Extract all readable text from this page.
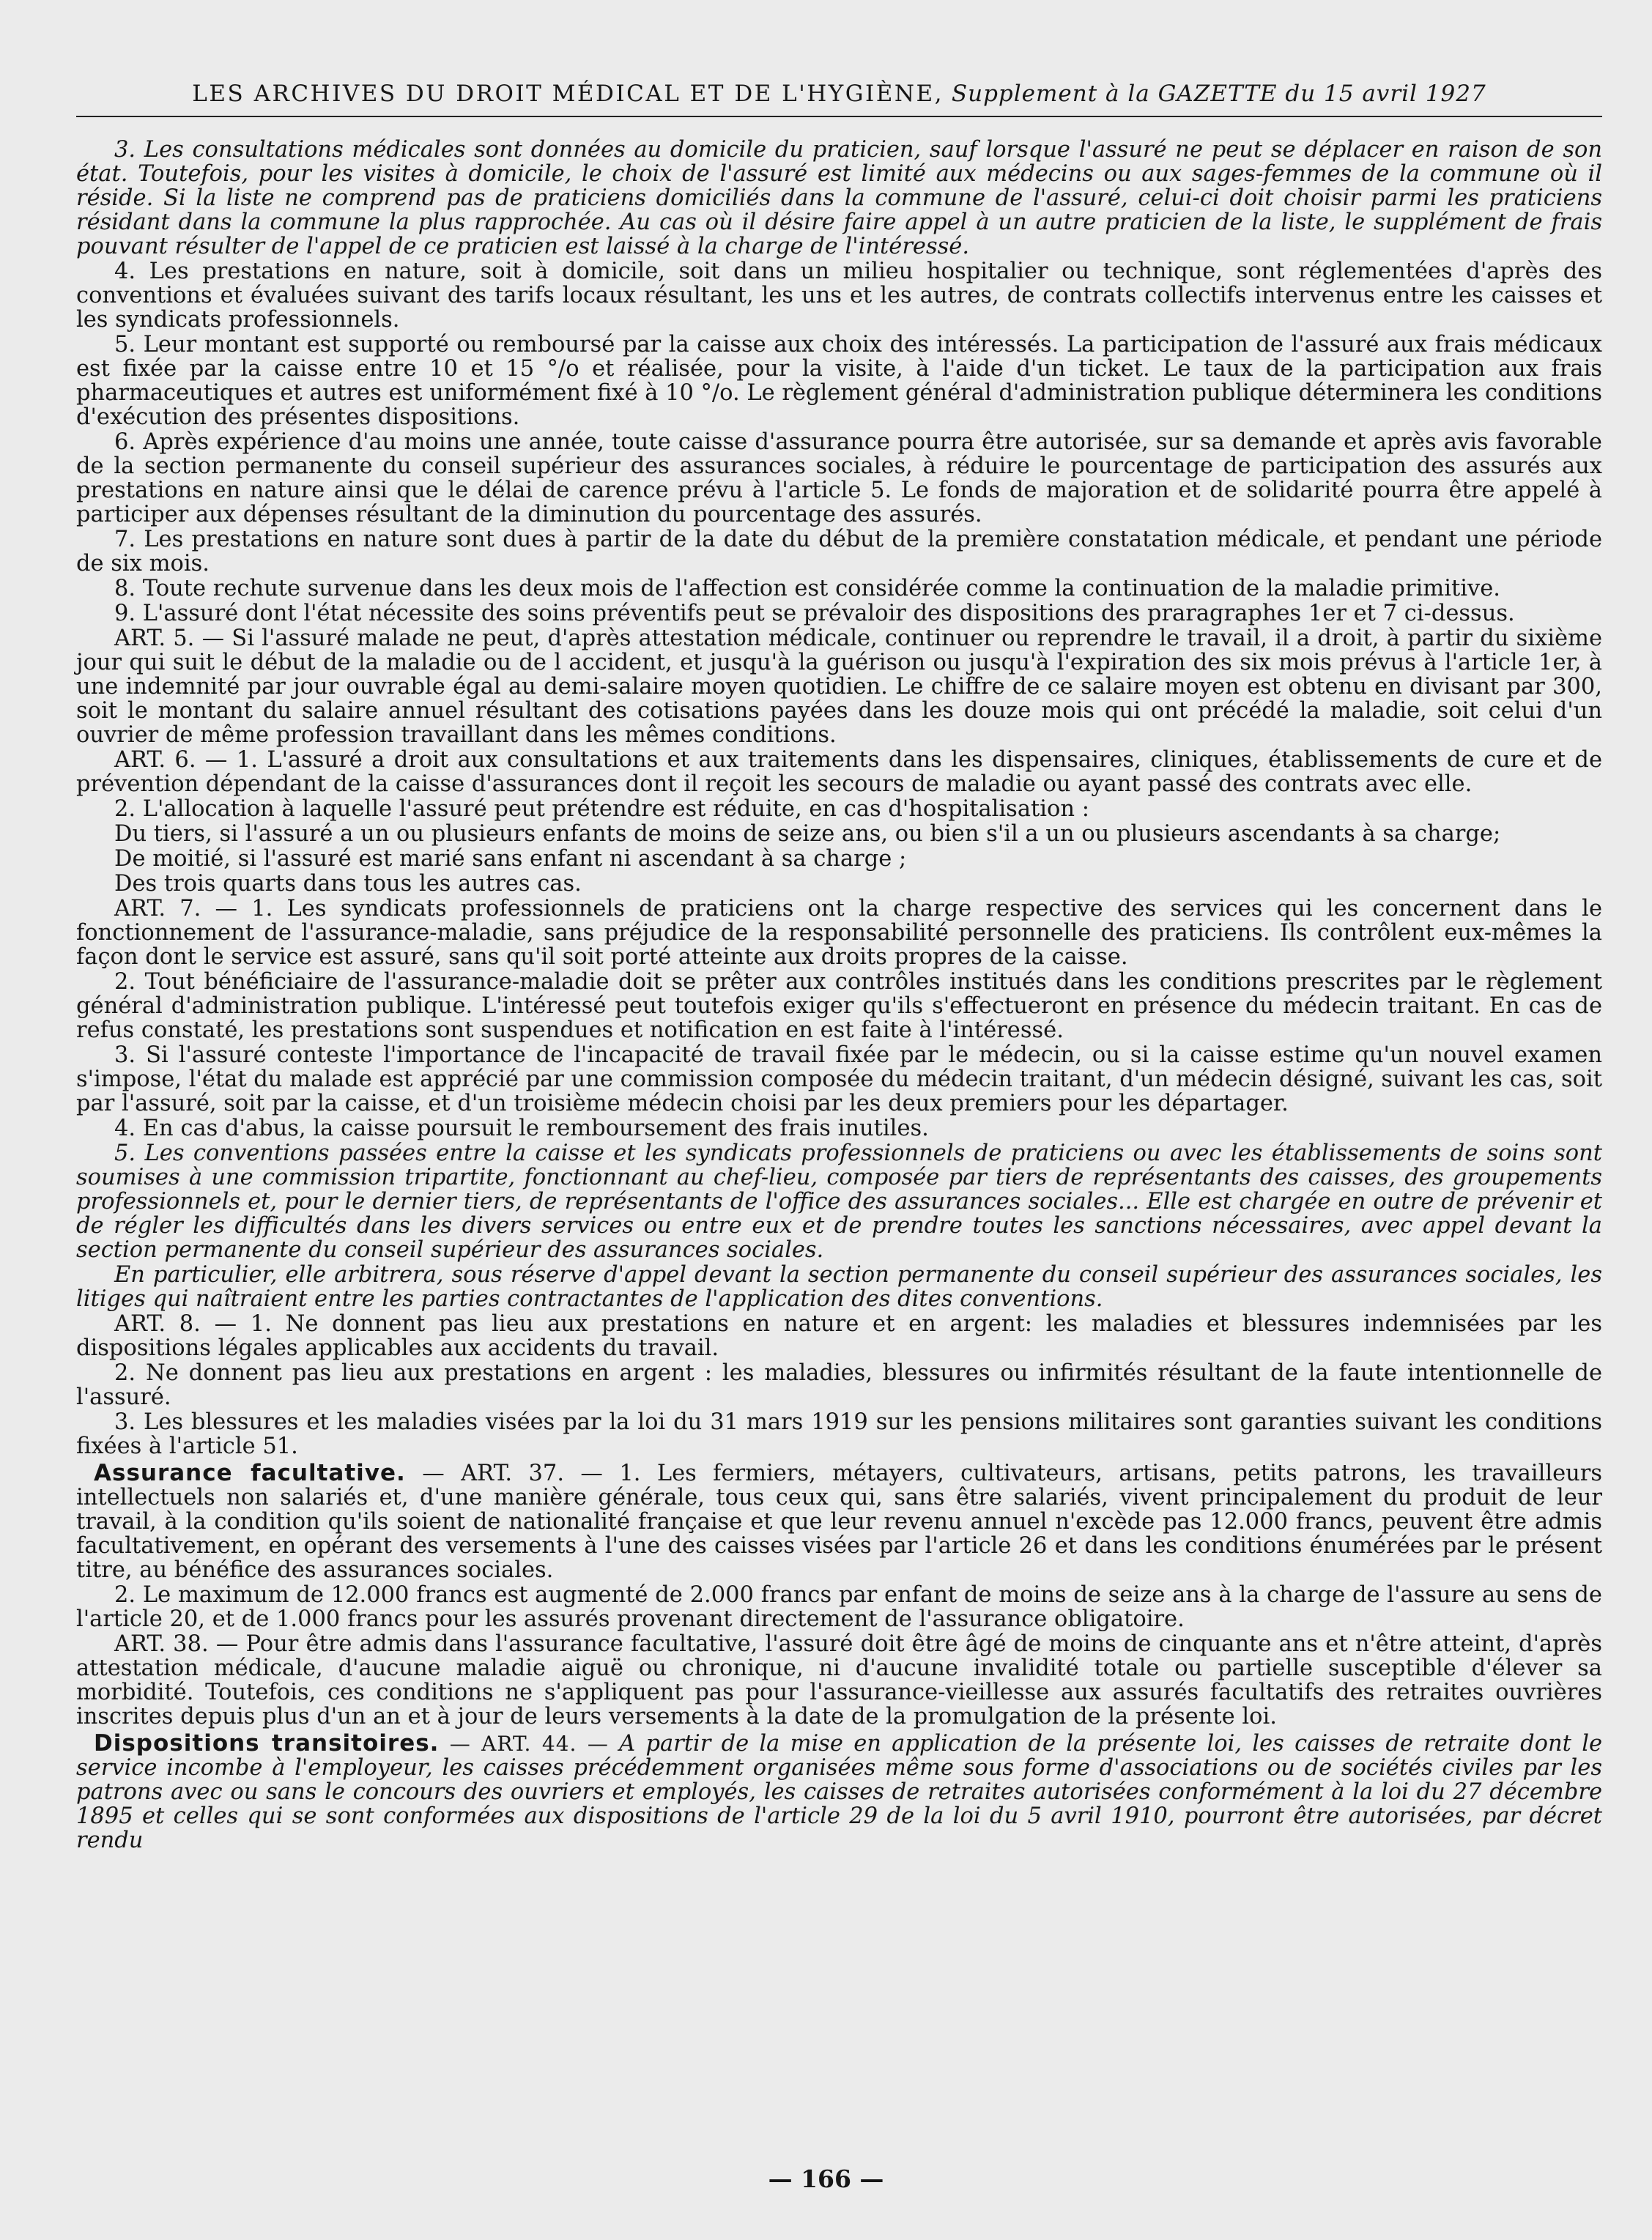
LES ARCHIVES DU DROIT MÉDICAL ET DE L'HYGIÈNE, Supplement à la GAZETTE du 15 avril 1927

3. Les consultations médicales sont données au domicile du praticien, sauf lorsque l'assuré ne peut se déplacer en raison de son état. Toutefois, pour les visites à domicile, le choix de l'assuré est limité aux médecins ou aux sages-femmes de la commune où il réside. Si la liste ne comprend pas de praticiens domiciliés dans la commune de l'assuré, celui-ci doit choisir parmi les praticiens résidant dans la commune la plus rapprochée. Au cas où il désire faire appel à un autre praticien de la liste, le supplément de frais pouvant résulter de l'appel de ce praticien est laissé à la charge de l'intéressé.

4. Les prestations en nature, soit à domicile, soit dans un milieu hospitalier ou technique, sont réglementées d'après des conventions et évaluées suivant des tarifs locaux résultant, les uns et les autres, de contrats collectifs intervenus entre les caisses et les syndicats professionnels.

5. Leur montant est supporté ou remboursé par la caisse aux choix des intéressés. La participation de l'assuré aux frais médicaux est fixée par la caisse entre 10 et 15 °/o et réalisée, pour la visite, à l'aide d'un ticket. Le taux de la participation aux frais pharmaceutiques et autres est uniformément fixé à 10 °/o. Le règlement général d'administration publique déterminera les conditions d'exécution des présentes dispositions.

6. Après expérience d'au moins une année, toute caisse d'assurance pourra être autorisée, sur sa demande et après avis favorable de la section permanente du conseil supérieur des assurances sociales, à réduire le pourcentage de participation des assurés aux prestations en nature ainsi que le délai de carence prévu à l'article 5. Le fonds de majoration et de solidarité pourra être appelé à participer aux dépenses résultant de la diminution du pourcentage des assurés.

7. Les prestations en nature sont dues à partir de la date du début de la première constatation médicale, et pendant une période de six mois.

8. Toute rechute survenue dans les deux mois de l'affection est considérée comme la continuation de la maladie primitive.

9. L'assuré dont l'état nécessite des soins préventifs peut se prévaloir des dispositions des praragraphes 1er et 7 ci-dessus.

ART. 5. — Si l'assuré malade ne peut, d'après attestation médicale, continuer ou reprendre le travail, il a droit, à partir du sixième jour qui suit le début de la maladie ou de l accident, et jusqu'à la guérison ou jusqu'à l'expiration des six mois prévus à l'article 1er, à une indemnité par jour ouvrable égal au demi-salaire moyen quotidien. Le chiffre de ce salaire moyen est obtenu en divisant par 300, soit le montant du salaire annuel résultant des cotisations payées dans les douze mois qui ont précédé la maladie, soit celui d'un ouvrier de même profession travaillant dans les mêmes conditions.

ART. 6. — 1. L'assuré a droit aux consultations et aux traitements dans les dispensaires, cliniques, établissements de cure et de prévention dépendant de la caisse d'assurances dont il reçoit les secours de maladie ou ayant passé des contrats avec elle.

2. L'allocation à laquelle l'assuré peut prétendre est réduite, en cas d'hospitalisation :

Du tiers, si l'assuré a un ou plusieurs enfants de moins de seize ans, ou bien s'il a un ou plusieurs ascendants à sa charge;

De moitié, si l'assuré est marié sans enfant ni ascendant à sa charge ;

Des trois quarts dans tous les autres cas.

ART. 7. — 1. Les syndicats professionnels de praticiens ont la charge respective des services qui les concernent dans le fonctionnement de l'assurance-maladie, sans préjudice de la responsabilité personnelle des praticiens. Ils contrôlent eux-mêmes la façon dont le service est assuré, sans qu'il soit porté atteinte aux droits propres de la caisse.

2. Tout bénéficiaire de l'assurance-maladie doit se prêter aux contrôles institués dans les conditions prescrites par le règlement général d'administration publique. L'intéressé peut toutefois exiger qu'ils s'effectueront en présence du médecin traitant. En cas de refus constaté, les prestations sont suspendues et notification en est faite à l'intéressé.

3. Si l'assuré conteste l'importance de l'incapacité de travail fixée par le médecin, ou si la caisse estime qu'un nouvel examen s'impose, l'état du malade est apprécié par une commission composée du médecin traitant, d'un médecin désigné, suivant les cas, soit par l'assuré, soit par la caisse, et d'un troisième médecin choisi par les deux premiers pour les départager.

4. En cas d'abus, la caisse poursuit le remboursement des frais inutiles.

5. Les conventions passées entre la caisse et les syndicats professionnels de praticiens ou avec les établissements de soins sont soumises à une commission tripartite, fonctionnant au chef-lieu, composée par tiers de représentants des caisses, des groupements professionnels et, pour le dernier tiers, de représentants de l'office des assurances sociales... Elle est chargée en outre de prévenir et de régler les difficultés dans les divers services ou entre eux et de prendre toutes les sanctions nécessaires, avec appel devant la section permanente du conseil supérieur des assurances sociales.

En particulier, elle arbitrera, sous réserve d'appel devant la section permanente du conseil supérieur des assurances sociales, les litiges qui naîtraient entre les parties contractantes de l'application des dites conventions.

ART. 8. — 1. Ne donnent pas lieu aux prestations en nature et en argent: les maladies et blessures indemnisées par les dispositions légales applicables aux accidents du travail.

2. Ne donnent pas lieu aux prestations en argent : les maladies, blessures ou infirmités résultant de la faute intentionnelle de l'assuré.

3. Les blessures et les maladies visées par la loi du 31 mars 1919 sur les pensions militaires sont garanties suivant les conditions fixées à l'article 51.

Assurance facultative. — ART. 37. — 1. Les fermiers, métayers, cultivateurs, artisans, petits patrons, les travailleurs intellectuels non salariés et, d'une manière générale, tous ceux qui, sans être salariés, vivent principalement du produit de leur travail, à la condition qu'ils soient de nationalité française et que leur revenu annuel n'excède pas 12.000 francs, peuvent être admis facultativement, en opérant des versements à l'une des caisses visées par l'article 26 et dans les conditions énumérées par le présent titre, au bénéfice des assurances sociales.

2. Le maximum de 12.000 francs est augmenté de 2.000 francs par enfant de moins de seize ans à la charge de l'assure au sens de l'article 20, et de 1.000 francs pour les assurés provenant directement de l'assurance obligatoire.

ART. 38. — Pour être admis dans l'assurance facultative, l'assuré doit être âgé de moins de cinquante ans et n'être atteint, d'après attestation médicale, d'aucune maladie aiguë ou chronique, ni d'aucune invalidité totale ou partielle susceptible d'élever sa morbidité. Toutefois, ces conditions ne s'appliquent pas pour l'assurance-vieillesse aux assurés facultatifs des retraites ouvrières inscrites depuis plus d'un an et à jour de leurs versements à la date de la promulgation de la présente loi.

Dispositions transitoires. — ART. 44. — A partir de la mise en application de la présente loi, les caisses de retraite dont le service incombe à l'employeur, les caisses précédemment organisées même sous forme d'associations ou de sociétés civiles par les patrons avec ou sans le concours des ouvriers et employés, les caisses de retraites autorisées conformément à la loi du 27 décembre 1895 et celles qui se sont conformées aux dispositions de l'article 29 de la loi du 5 avril 1910, pourront être autorisées, par décret rendu

— 166 —
